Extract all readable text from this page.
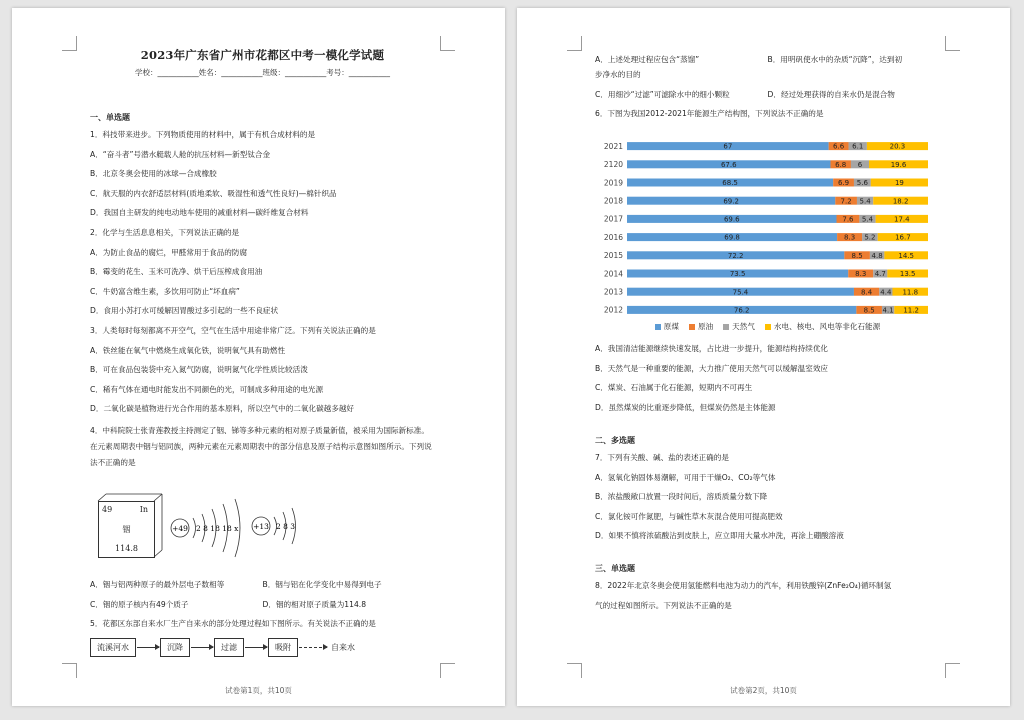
2023年广东省广州市花都区中考一模化学试题
学校：___________姓名：___________班级：___________考号：___________
一、单选题
1．科技带来进步。下列物质使用的材料中，属于有机合成材料的是
A．“奋斗者”号潜水艇载人舱的抗压材料—新型钛合金
B．北京冬奥会使用的冰球—合成橡胶
C．航天服的内衣舒适层材料(质地柔软、吸湿性和透气性良好)—棉针织品
D．我国自主研发的纯电动地车使用的减重材料—碳纤维复合材料
2．化学与生活息息相关，下列说法正确的是
A．为防止食品的腐烂，甲醛常用于食品的防腐
B．霉变的花生、玉米可洗净、烘干后压榨成食用油
C．牛奶富含维生素，多饮用可防止“坏血病”
D．食用小苏打水可缓解因胃酸过多引起的一些不良症状
3．人类每时每刻都离不开空气，空气在生活中用途非常广泛。下列有关说法正确的是
A．铁丝能在氧气中燃烧生成氧化铁，说明氧气具有助燃性
B．可在食品包装袋中充入氮气防腐，说明氮气化学性质比较活泼
C．稀有气体在通电时能发出不同颜色的光，可制成多种用途的电光源
D．二氧化碳是植物进行光合作用的基本原料，所以空气中的二氧化碳越多越好
4．中科院院士张青莲教授主持测定了铟、锑等多种元素的相对原子质量新值，被采用为国际新标准。在元素周期表中铟与铝同族，两种元素在元素周期表中的部分信息及原子结构示意图如图所示。下列说法不正确的是
49	In
铟
114.8
+49 2 8 18 18 x +13 2 8 3
A．铟与铝两种原子的最外层电子数相等	B．铟与铝在化学变化中易得到电子
C．铟的原子核内有49个质子	D．铟的相对原子质量为114.8
5．花都区东部自来水厂生产自来水的部分处理过程如下图所示。有关说法不正确的是
流溪河水	沉降	过滤	吸附	自来水
试卷第1页，共10页
A．上述处理过程应包含“蒸馏”	B．用明矾使水中的杂质“沉降”，达到初
步净水的目的
C．用细沙“过滤”可滤除水中的细小颗粒	D．经过处理获得的自来水仍是混合物
6．下图为我国2012-2021年能源生产结构图，下列说法不正确的是
2021	67	6.6 6.1	20.3
2120	67.6	6.8 6	19.6
2019	68.5	6.9 5.6	19
2018	69.2	7.2 5.4	18.2
2017	69.6	7.6 5.4	17.4
2016	69.8	8.3 5.2	16.7
2015	72.2	8.5 4.8 14.5
2014	73.5	8.3 4.7 13.5
2013	75.4	8.4 4.4 11.8
2012	76.2	8.5 4.1 11.2
原煤	原油	天然气	水电、核电、风电等非化石能源
A．我国清洁能源继续快速发展，占比进一步提升，能源结构持续优化
B．天然气是一种重要的能源，大力推广使用天然气可以缓解温室效应
C．煤炭、石油属于化石能源，短期内不可再生
D．虽然煤炭的比重逐步降低，但煤炭仍然是主体能源
二、多选题
7．下列有关酸、碱、盐的表述正确的是
A．氢氧化钠固体易潮解，可用于干燥O₂、CO₂等气体
B．浓盐酸敞口放置一段时间后，溶质质量分数下降
C．氯化铵可作氮肥，与碱性草木灰混合使用可提高肥效
D．如果不慎将浓硫酸沾到皮肤上，应立即用大量水冲洗，再涂上硼酸溶液
三、单选题
8．2022年北京冬奥会使用氢能燃料电池为动力的汽车，利用铁酸锌(ZnFe₂O₄)循环制氢
气的过程如图所示。下列说法不正确的是
试卷第2页，共10页
